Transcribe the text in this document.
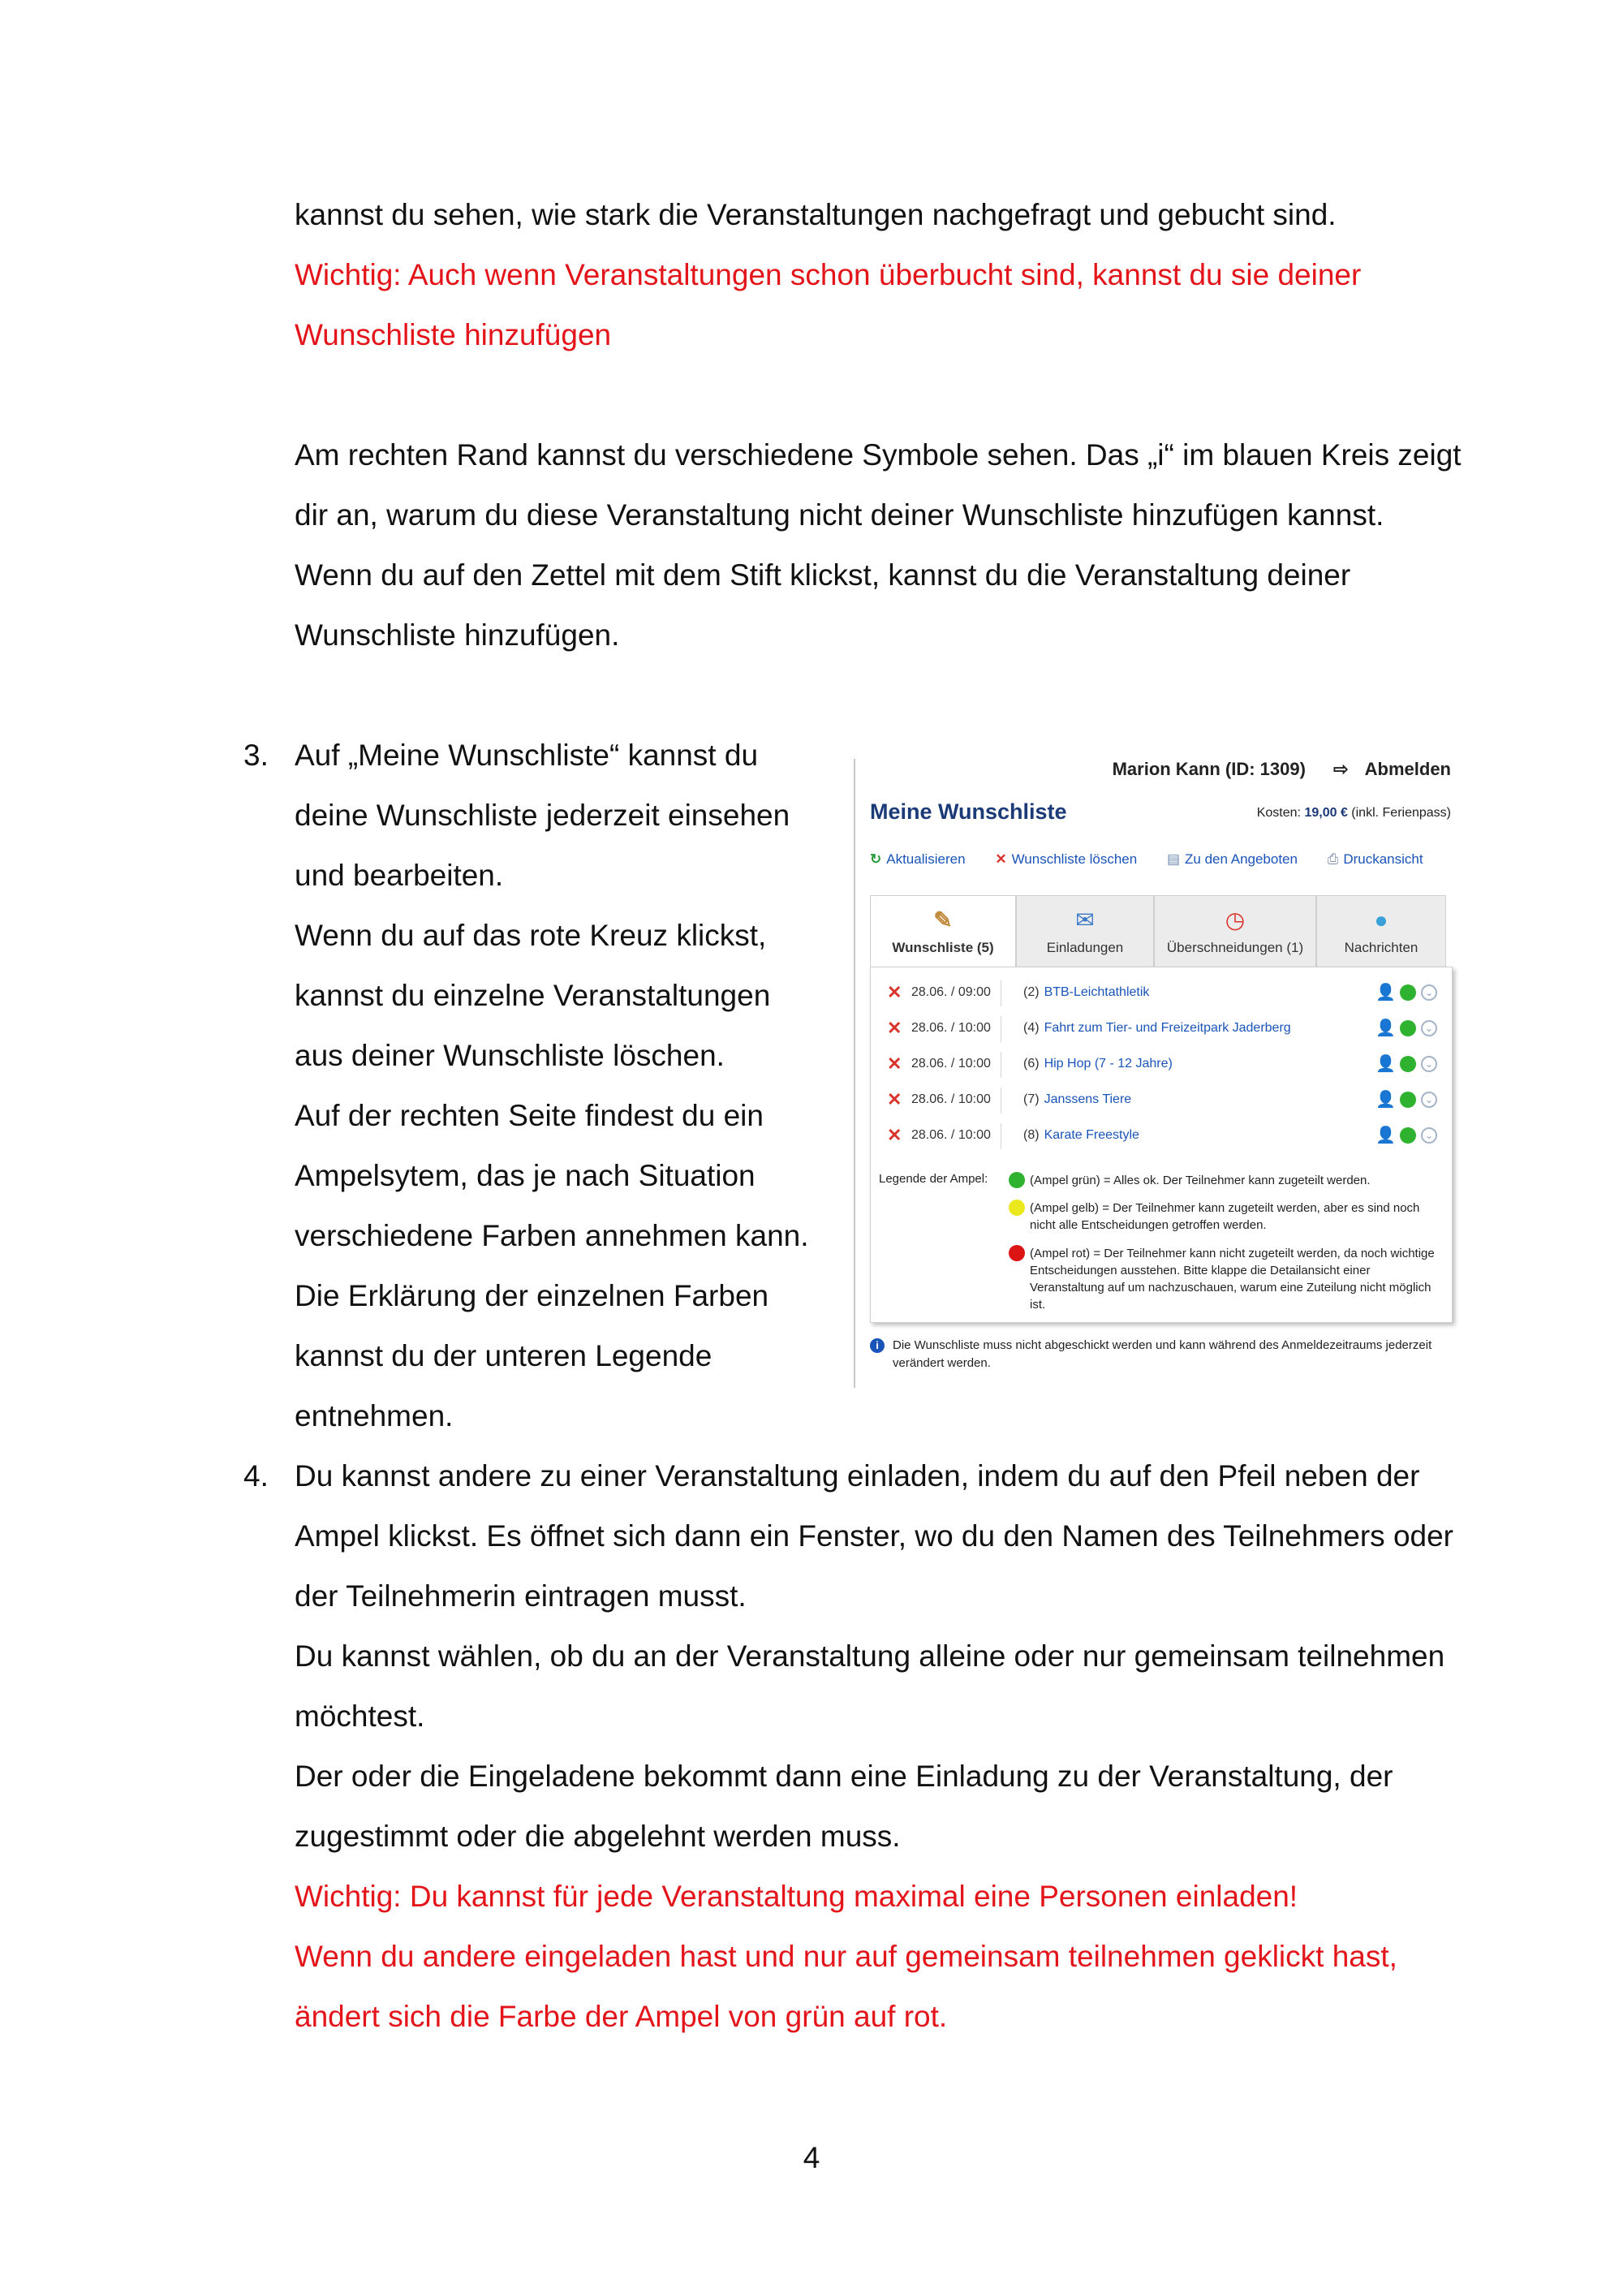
kannst du sehen, wie stark die Veranstaltungen nachgefragt und gebucht sind.
Wichtig: Auch wenn Veranstaltungen schon überbucht sind, kannst du sie deiner
Wunschliste hinzufügen
Am rechten Rand kannst du verschiedene Symbole sehen. Das „i“ im blauen Kreis zeigt
dir an, warum du diese Veranstaltung nicht deiner Wunschliste hinzufügen kannst.
Wenn du auf den Zettel mit dem Stift klickst, kannst du die Veranstaltung deiner
Wunschliste hinzufügen.
3. Auf „Meine Wunschliste“ kannst du
deine Wunschliste jederzeit einsehen
und bearbeiten.
Wenn du auf das rote Kreuz klickst,
kannst du einzelne Veranstaltungen
aus deiner Wunschliste löschen.
Auf der rechten Seite findest du ein
Ampelsytem, das je nach Situation
verschiedene Farben annehmen kann.
Die Erklärung der einzelnen Farben
kannst du der unteren Legende
entnehmen.
Marion Kann (ID: 1309) ⇨ Abmelden
Meine Wunschliste	Kosten: 19,00 € (inkl. Ferienpass)
↻ Aktualisieren ✕ Wunschliste löschen ▤ Zu den Angeboten ⎙ Druckansicht
✎
Wunschliste (5)
✉
Einladungen
◷
Überschneidungen (1)
●
Nachrichten
✕ 28.06. / 09:00	(2) BTB-Leichtathletik	👤	⌄
✕ 28.06. / 10:00	(4) Fahrt zum Tier- und Freizeitpark Jaderberg	👤	⌄
✕ 28.06. / 10:00	(6) Hip Hop (7 - 12 Jahre)	👤	⌄
✕ 28.06. / 10:00	(7) Janssens Tiere	👤	⌄
✕ 28.06. / 10:00	(8) Karate Freestyle	👤	⌄
Legende der Ampel:	(Ampel grün) = Alles ok. Der Teilnehmer kann zugeteilt werden.
(Ampel gelb) = Der Teilnehmer kann zugeteilt werden, aber es sind noch nicht alle Entscheidungen getroffen werden.
(Ampel rot) = Der Teilnehmer kann nicht zugeteilt werden, da noch wichtige Entscheidungen ausstehen. Bitte klappe die Detailansicht einer Veranstaltung auf um nachzuschauen, warum eine Zuteilung nicht möglich ist.
i	Die Wunschliste muss nicht abgeschickt werden und kann während des Anmeldezeitraums jederzeit verändert werden.
4. Du kannst andere zu einer Veranstaltung einladen, indem du auf den Pfeil neben der
Ampel klickst. Es öffnet sich dann ein Fenster, wo du den Namen des Teilnehmers oder
der Teilnehmerin eintragen musst.
Du kannst wählen, ob du an der Veranstaltung alleine oder nur gemeinsam teilnehmen
möchtest.
Der oder die Eingeladene bekommt dann eine Einladung zu der Veranstaltung, der
zugestimmt oder die abgelehnt werden muss.
Wichtig: Du kannst für jede Veranstaltung maximal eine Personen einladen!
Wenn du andere eingeladen hast und nur auf gemeinsam teilnehmen geklickt hast,
ändert sich die Farbe der Ampel von grün auf rot.
4
